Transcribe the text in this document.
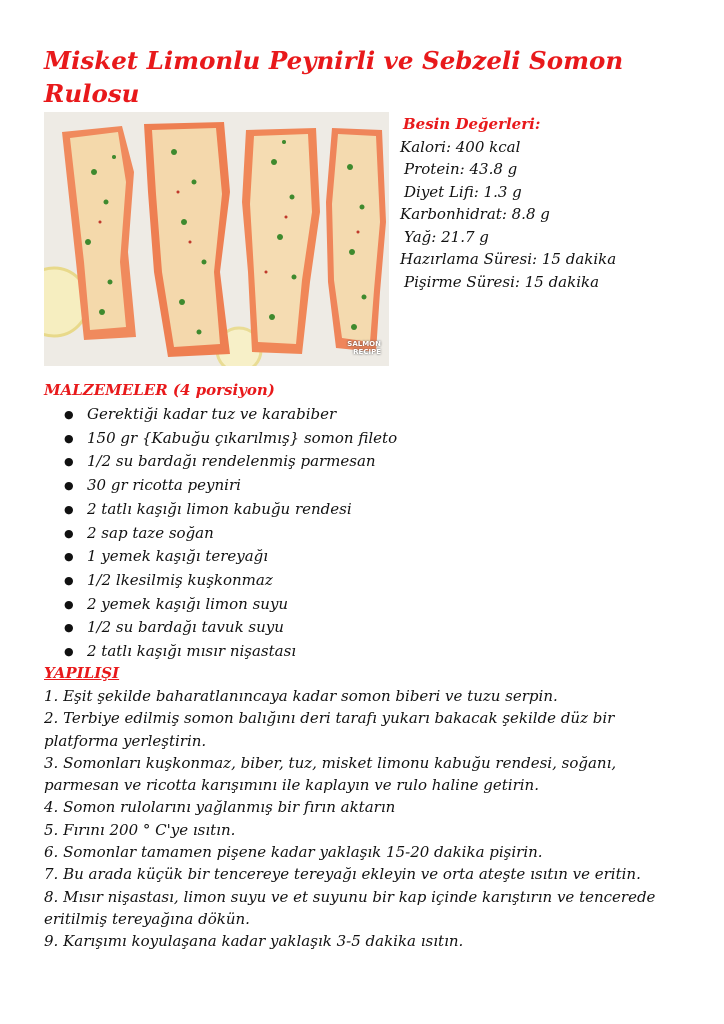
Misket Limonlu Peynirli ve Sebzeli Somon Rulosu
SALMON
RECIPE
Besin Değerleri:
Kalori: 400 kcal
Protein: 43.8 g
Diyet Lifi: 1.3 g
Karbonhidrat: 8.8 g
Yağ: 21.7 g
Hazırlama Süresi: 15 dakika
Pişirme Süresi: 15 dakika
MALZEMELER (4 porsiyon)
● Gerektiği kadar tuz ve karabiber
● 150 gr {Kabuğu çıkarılmış} somon fileto
● 1/2 su bardağı rendelenmiş parmesan
● 30 gr ricotta peyniri
● 2 tatlı kaşığı limon kabuğu rendesi
● 2 sap taze soğan
● 1 yemek kaşığı tereyağı
● 1/2 lkesilmiş kuşkonmaz
● 2 yemek kaşığı limon suyu
● 1/2 su bardağı tavuk suyu
● 2 tatlı kaşığı mısır nişastası
YAPILIŞI

1. Eşit şekilde baharatlanıncaya kadar somon biberi ve tuzu serpin.

2. Terbiye edilmiş somon balığını deri tarafı yukarı bakacak şekilde düz bir platforma yerleştirin.

3. Somonları kuşkonmaz, biber, tuz, misket limonu kabuğu rendesi, soğanı, parmesan ve ricotta karışımını ile kaplayın ve rulo haline getirin.

4. Somon rulolarını yağlanmış bir fırın aktarın

5. Fırını 200 ° C'ye ısıtın.

6. Somonlar tamamen pişene kadar yaklaşık 15-20 dakika pişirin.

7. Bu arada küçük bir tencereye tereyağı ekleyin ve orta ateşte ısıtın ve eritin.

8. Mısır nişastası, limon suyu ve et suyunu bir kap içinde karıştırın ve tencerede eritilmiş tereyağına dökün.

9. Karışımı koyulaşana kadar yaklaşık 3-5 dakika ısıtın.
